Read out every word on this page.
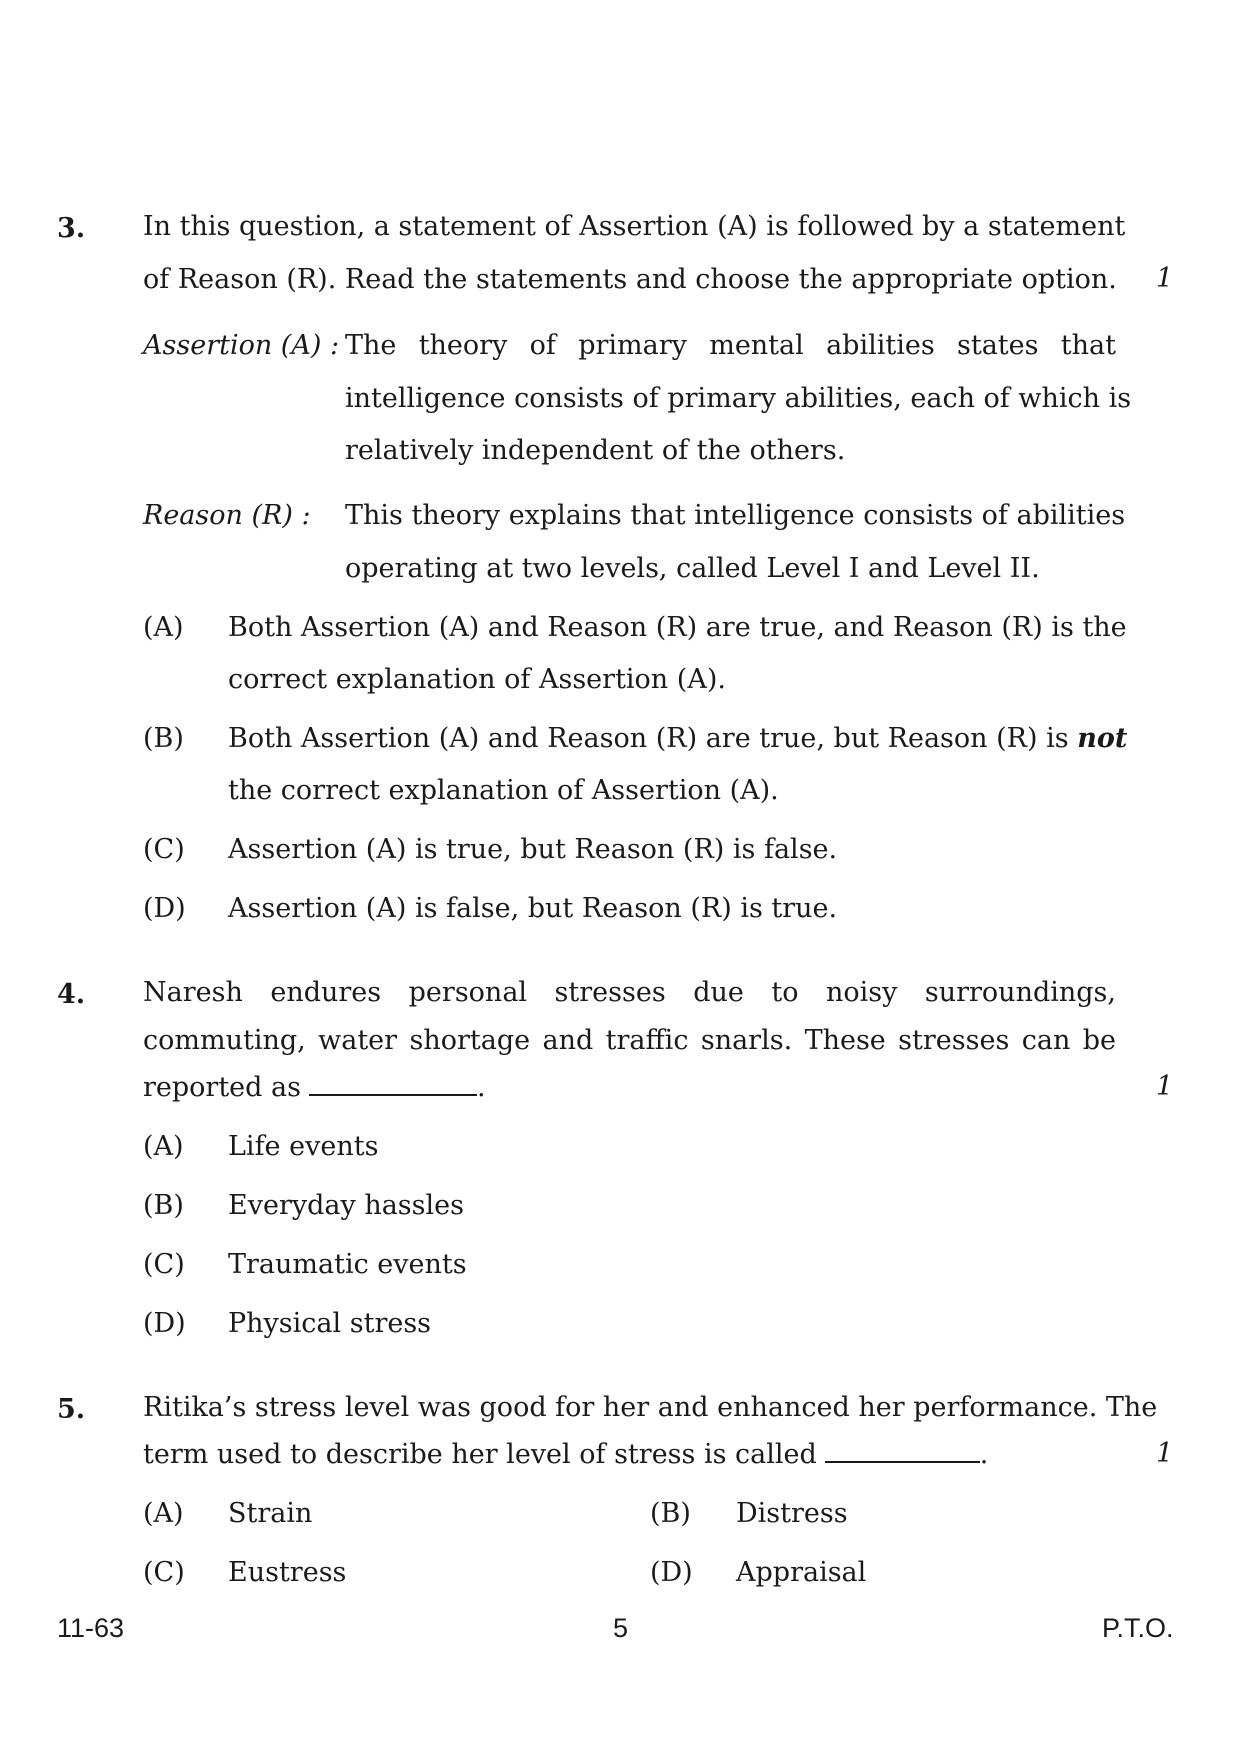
3. In this question, a statement of Assertion (A) is followed by a statement
of Reason (R). Read the statements and choose the appropriate option. 1
Assertion (A) : The theory of primary mental abilities states that
intelligence consists of primary abilities, each of which is
relatively independent of the others.
Reason (R) : This theory explains that intelligence consists of abilities
operating at two levels, called Level I and Level II.
(A) Both Assertion (A) and Reason (R) are true, and Reason (R) is the
correct explanation of Assertion (A).
(B) Both Assertion (A) and Reason (R) are true, but Reason (R) is not
the correct explanation of Assertion (A).
(C) Assertion (A) is true, but Reason (R) is false.
(D) Assertion (A) is false, but Reason (R) is true.
4. Naresh endures personal stresses due to noisy surroundings,
commuting, water shortage and traffic snarls. These stresses can be
reported as	.	1
(A) Life events
(B) Everyday hassles
(C) Traumatic events
(D) Physical stress
5. Ritika’s stress level was good for her and enhanced her performance. The
term used to describe her level of stress is called	.	1
(A) Strain	(B) Distress
(C) Eustress	(D) Appraisal
11-63	5	P.T.O.
